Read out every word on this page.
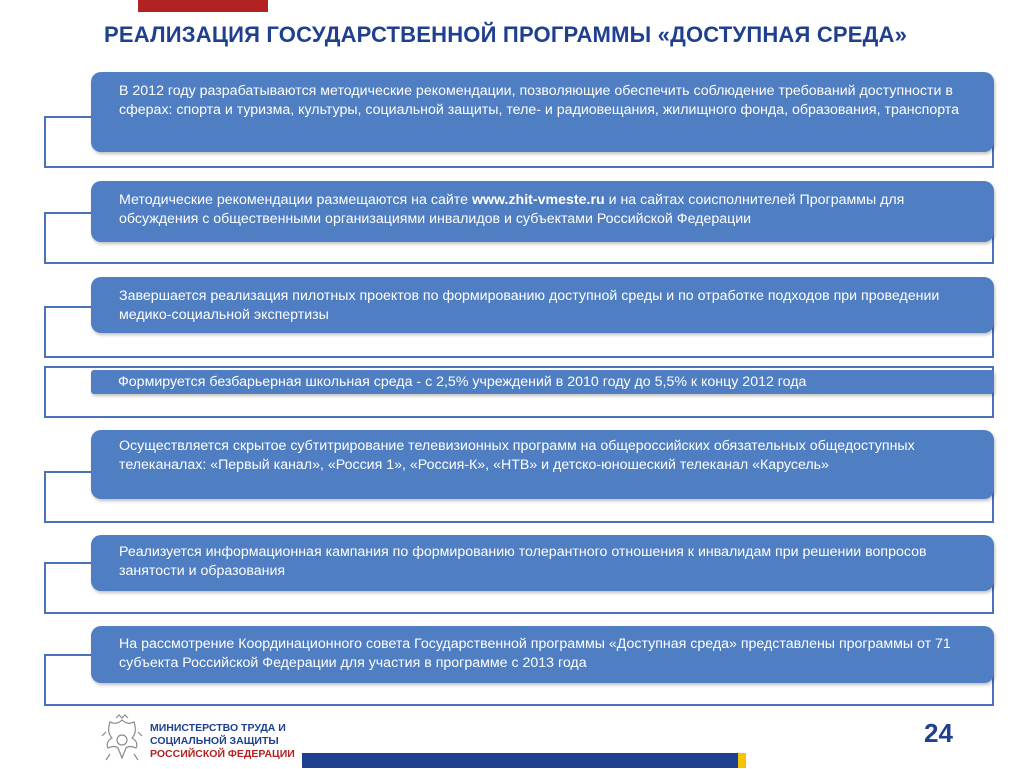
РЕАЛИЗАЦИЯ ГОСУДАРСТВЕННОЙ ПРОГРАММЫ «ДОСТУПНАЯ СРЕДА»
В 2012 году разрабатываются методические рекомендации, позволяющие обеспечить соблюдение требований доступности в сферах: спорта и туризма, культуры, социальной защиты, теле- и радиовещания, жилищного фонда, образования, транспорта
Методические рекомендации размещаются на сайте www.zhit-vmeste.ru и на сайтах соисполнителей Программы для обсуждения с общественными организациями инвалидов и субъектами Российской Федерации
Завершается реализация пилотных проектов по формированию доступной среды и по отработке подходов при проведении медико-социальной экспертизы
Формируется безбарьерная школьная среда - с 2,5% учреждений в 2010 году до 5,5% к концу 2012 года
Осуществляется скрытое субтитрирование телевизионных программ на общероссийских обязательных общедоступных телеканалах: «Первый канал», «Россия 1», «Россия-К», «НТВ» и детско-юношеский телеканал «Карусель»
Реализуется информационная кампания по формированию толерантного отношения к инвалидам при решении вопросов занятости и образования
На рассмотрение Координационного совета Государственной программы «Доступная среда» представлены программы от 71 субъекта Российской Федерации для участия в программе с 2013 года
МИНИСТЕРСТВО ТРУДА И
СОЦИАЛЬНОЙ ЗАЩИТЫ
РОССИЙСКОЙ ФЕДЕРАЦИИ
24
